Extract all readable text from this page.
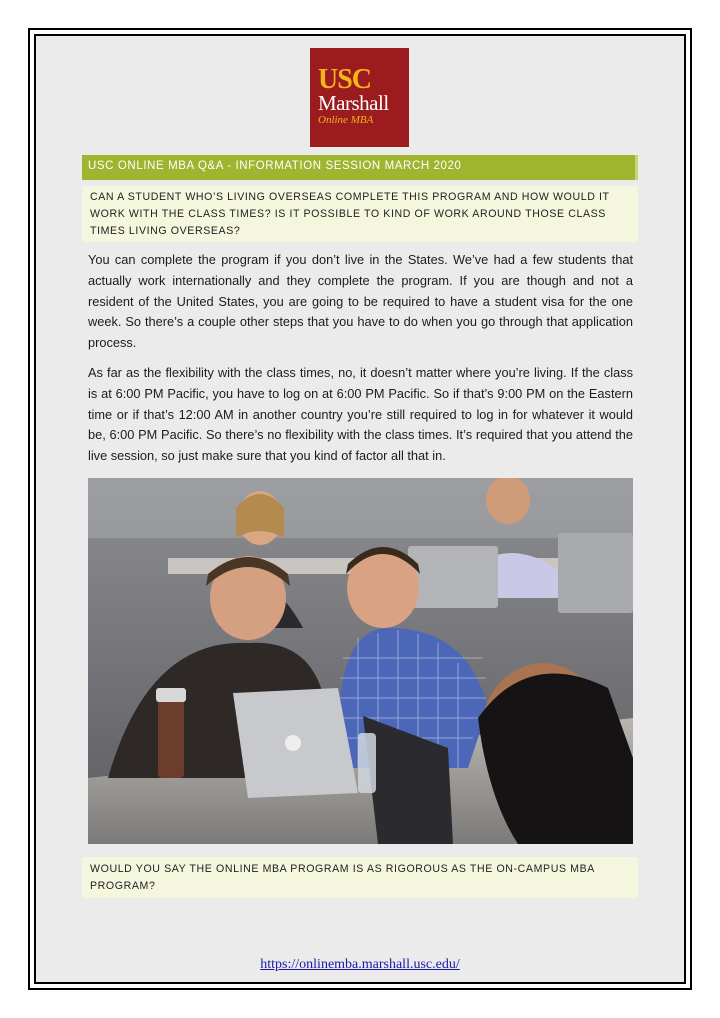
USC
Marshall
Online MBA
USC ONLINE MBA Q&A - INFORMATION SESSION MARCH 2020
CAN A STUDENT WHO’S LIVING OVERSEAS COMPLETE THIS PROGRAM AND HOW WOULD IT WORK WITH THE CLASS TIMES? IS IT POSSIBLE TO KIND OF WORK AROUND THOSE CLASS TIMES LIVING OVERSEAS?

You can complete the program if you don’t live in the States. We’ve had a few students that actually work internationally and they complete the program. If you are though and not a resident of the United States, you are going to be required to have a student visa for the one week. So there’s a couple other steps that you have to do when you go through that application process.

As far as the flexibility with the class times, no, it doesn’t matter where you’re living. If the class is at 6:00 PM Pacific, you have to log on at 6:00 PM Pacific. So if that’s 9:00 PM on the Eastern time or if that’s 12:00 AM in another country you’re still required to log in for whatever it would be, 6:00 PM Pacific. So there’s no flexibility with the class times. It’s required that you attend the live session, so just make sure that you kind of factor all that in.

WOULD YOU SAY THE ONLINE MBA PROGRAM IS AS RIGOROUS AS THE ON-CAMPUS MBA PROGRAM?
https://onlinemba.marshall.usc.edu/
